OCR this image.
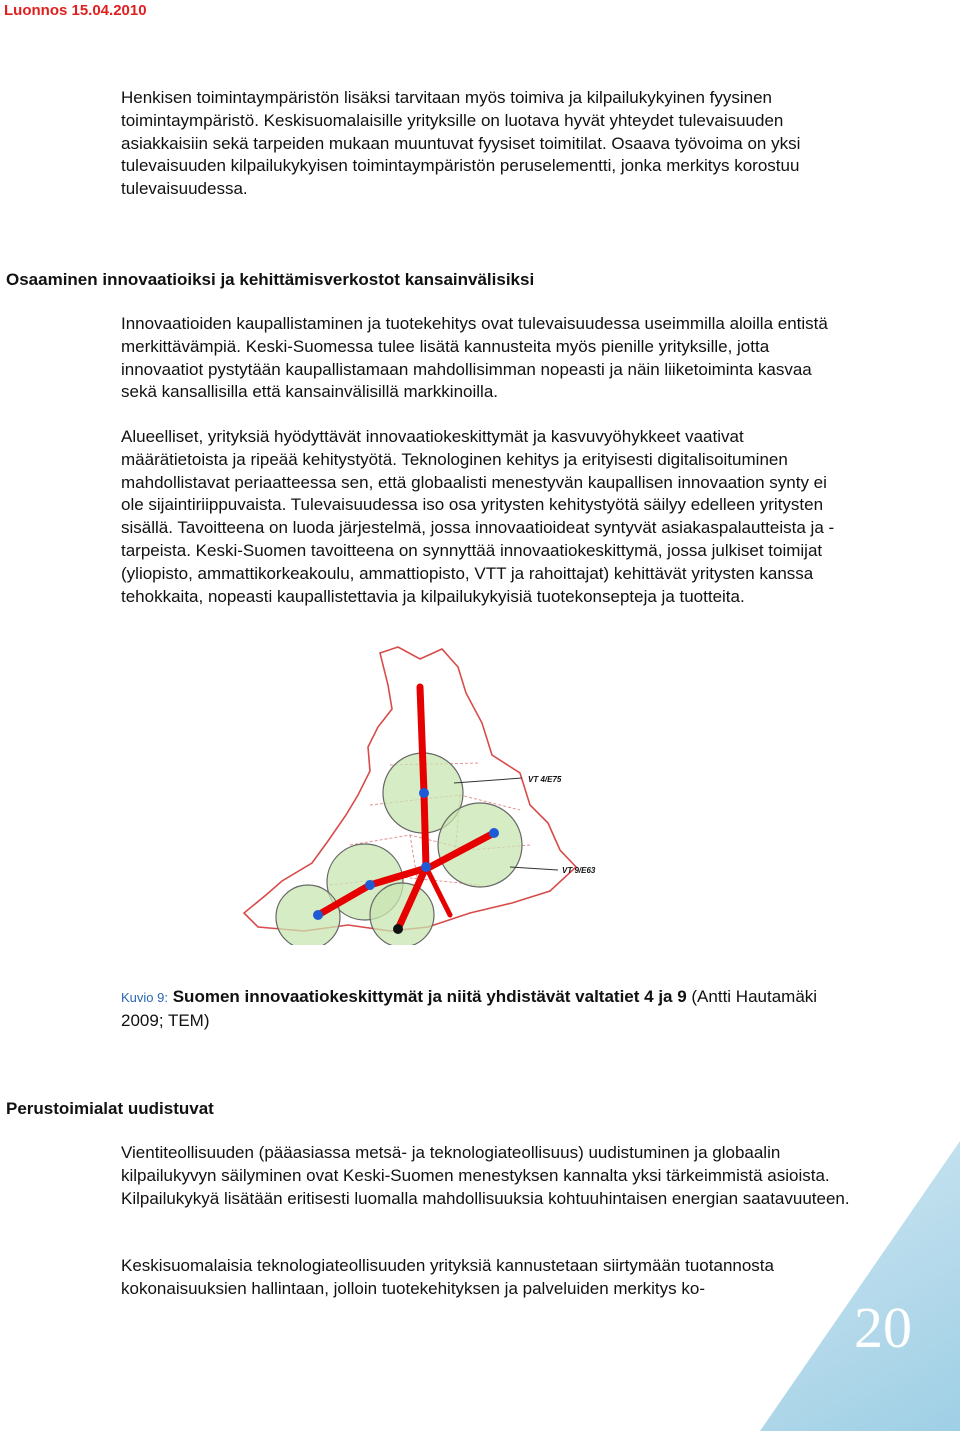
Luonnos 15.04.2010

Henkisen toimintaympäristön lisäksi tarvitaan myös toimiva ja kilpailukykyinen fyysinen toimintaympäristö. Keskisuomalaisille yrityksille on luotava hyvät yhteydet tulevaisuuden asiakkaisiin sekä tarpeiden mukaan muuntuvat fyysiset toimitilat. Osaava työvoima on yksi tulevaisuuden kilpailukykyisen toimintaympäristön peruselementti, jonka merkitys korostuu tulevaisuudessa.

Osaaminen innovaatioiksi ja kehittämisverkostot kansainvälisiksi

Innovaatioiden kaupallistaminen ja tuotekehitys ovat tulevaisuudessa useimmilla aloilla entistä merkittävämpiä. Keski-Suomessa tulee lisätä kannusteita myös pienille yrityksille, jotta innovaatiot pystytään kaupallistamaan mahdollisimman nopeasti ja näin liiketoiminta kasvaa sekä kansallisilla että kansainvälisillä markkinoilla.

Alueelliset, yrityksiä hyödyttävät innovaatiokeskittymät ja kasvuvyöhykkeet vaativat määrätietoista ja ripeää kehitystyötä. Teknologinen kehitys ja erityisesti digitalisoituminen mahdollistavat periaatteessa sen, että globaalisti menestyvän kaupallisen innovaation synty ei ole sijaintiriippuvaista. Tulevaisuudessa iso osa yritysten kehitystyötä säilyy edelleen yritysten sisällä. Tavoitteena on luoda järjestelmä, jossa innovaatioideat syntyvät asiakaspalautteista ja -tarpeista. Keski-Suomen tavoitteena on synnyttää innovaatiokeskittymä, jossa julkiset toimijat (yliopisto, ammattikorkeakoulu, ammattiopisto, VTT ja rahoittajat) kehittävät yritysten kanssa tehokkaita, nopeasti kaupallistettavia ja kilpailukykyisiä tuotekonsepteja ja tuotteita.

VT 4/E75
VT 9/E63

Kuvio 9: Suomen innovaatiokeskittymät ja niitä yhdistävät valtatiet 4 ja 9 (Antti Hautamäki 2009; TEM)

Perustoimialat uudistuvat

Vientiteollisuuden (pääasiassa metsä- ja teknologiateollisuus) uudistuminen ja globaalin kilpailukyvyn säilyminen ovat Keski-Suomen menestyksen kannalta yksi tärkeimmistä asioista. Kilpailukykyä lisätään eritisesti luomalla mahdollisuuksia kohtuuhintaisen energian saatavuuteen.

Keskisuomalaisia teknologiateollisuuden yrityksiä kannustetaan siirtymään tuotannosta kokonaisuuksien hallintaan, jolloin tuotekehityksen ja palveluiden merkitys ko-

20
